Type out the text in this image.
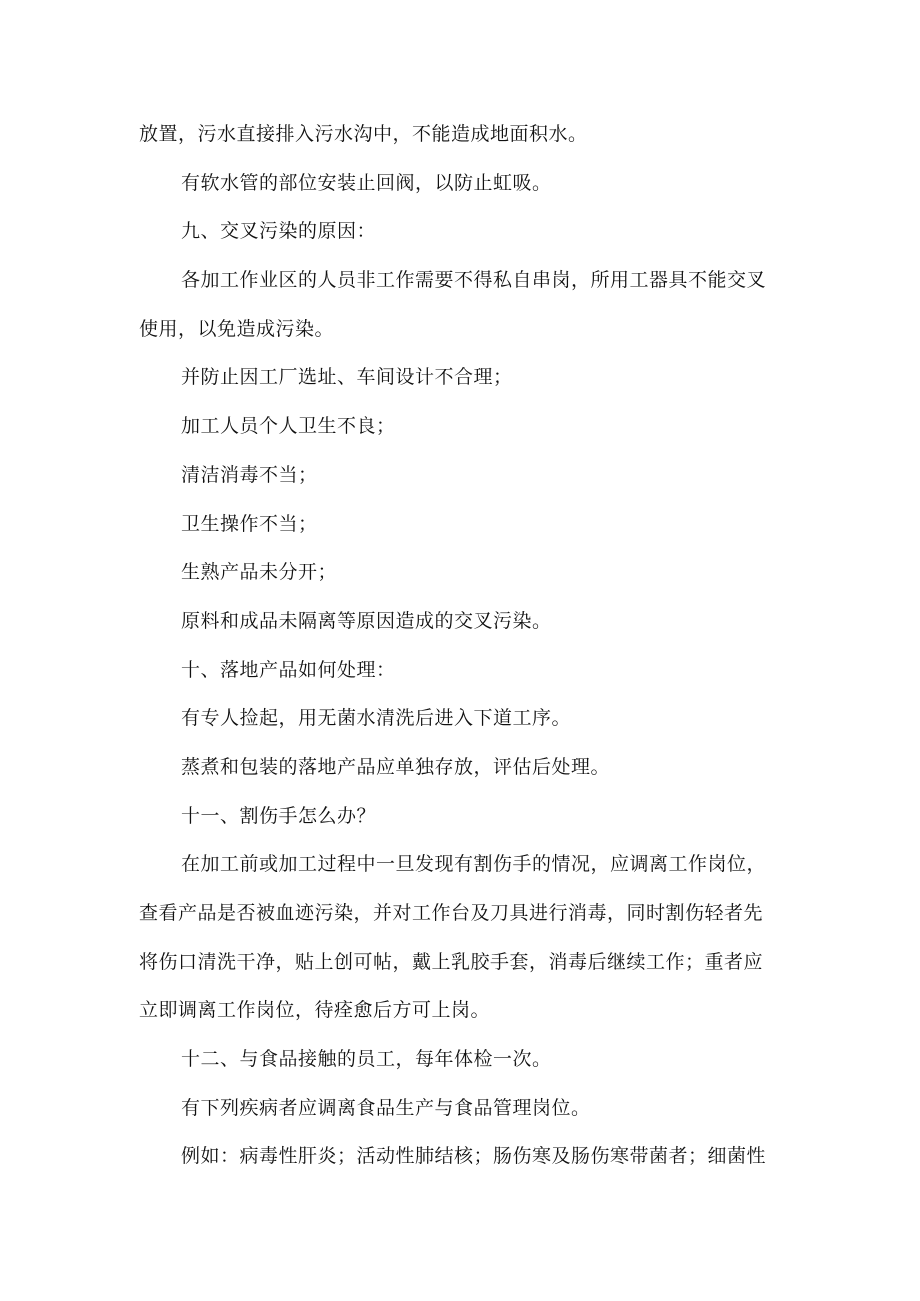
放置，污水直接排入污水沟中，不能造成地面积水。
有软水管的部位安装止回阀，以防止虹吸。
九、交叉污染的原因：
各加工作业区的人员非工作需要不得私自串岗，所用工器具不能交叉
使用，以免造成污染。
并防止因工厂选址、车间设计不合理；
加工人员个人卫生不良；
清洁消毒不当；
卫生操作不当；
生熟产品未分开；
原料和成品未隔离等原因造成的交叉污染。
十、落地产品如何处理：
有专人捡起，用无菌水清洗后进入下道工序。
蒸煮和包装的落地产品应单独存放，评估后处理。
十一、割伤手怎么办？
在加工前或加工过程中一旦发现有割伤手的情况，应调离工作岗位，
查看产品是否被血迹污染，并对工作台及刀具进行消毒，同时割伤轻者先
将伤口清洗干净，贴上创可帖，戴上乳胶手套，消毒后继续工作；重者应
立即调离工作岗位，待痊愈后方可上岗。
十二、与食品接触的员工，每年体检一次。
有下列疾病者应调离食品生产与食品管理岗位。
例如：病毒性肝炎；活动性肺结核；肠伤寒及肠伤寒带菌者；细菌性
